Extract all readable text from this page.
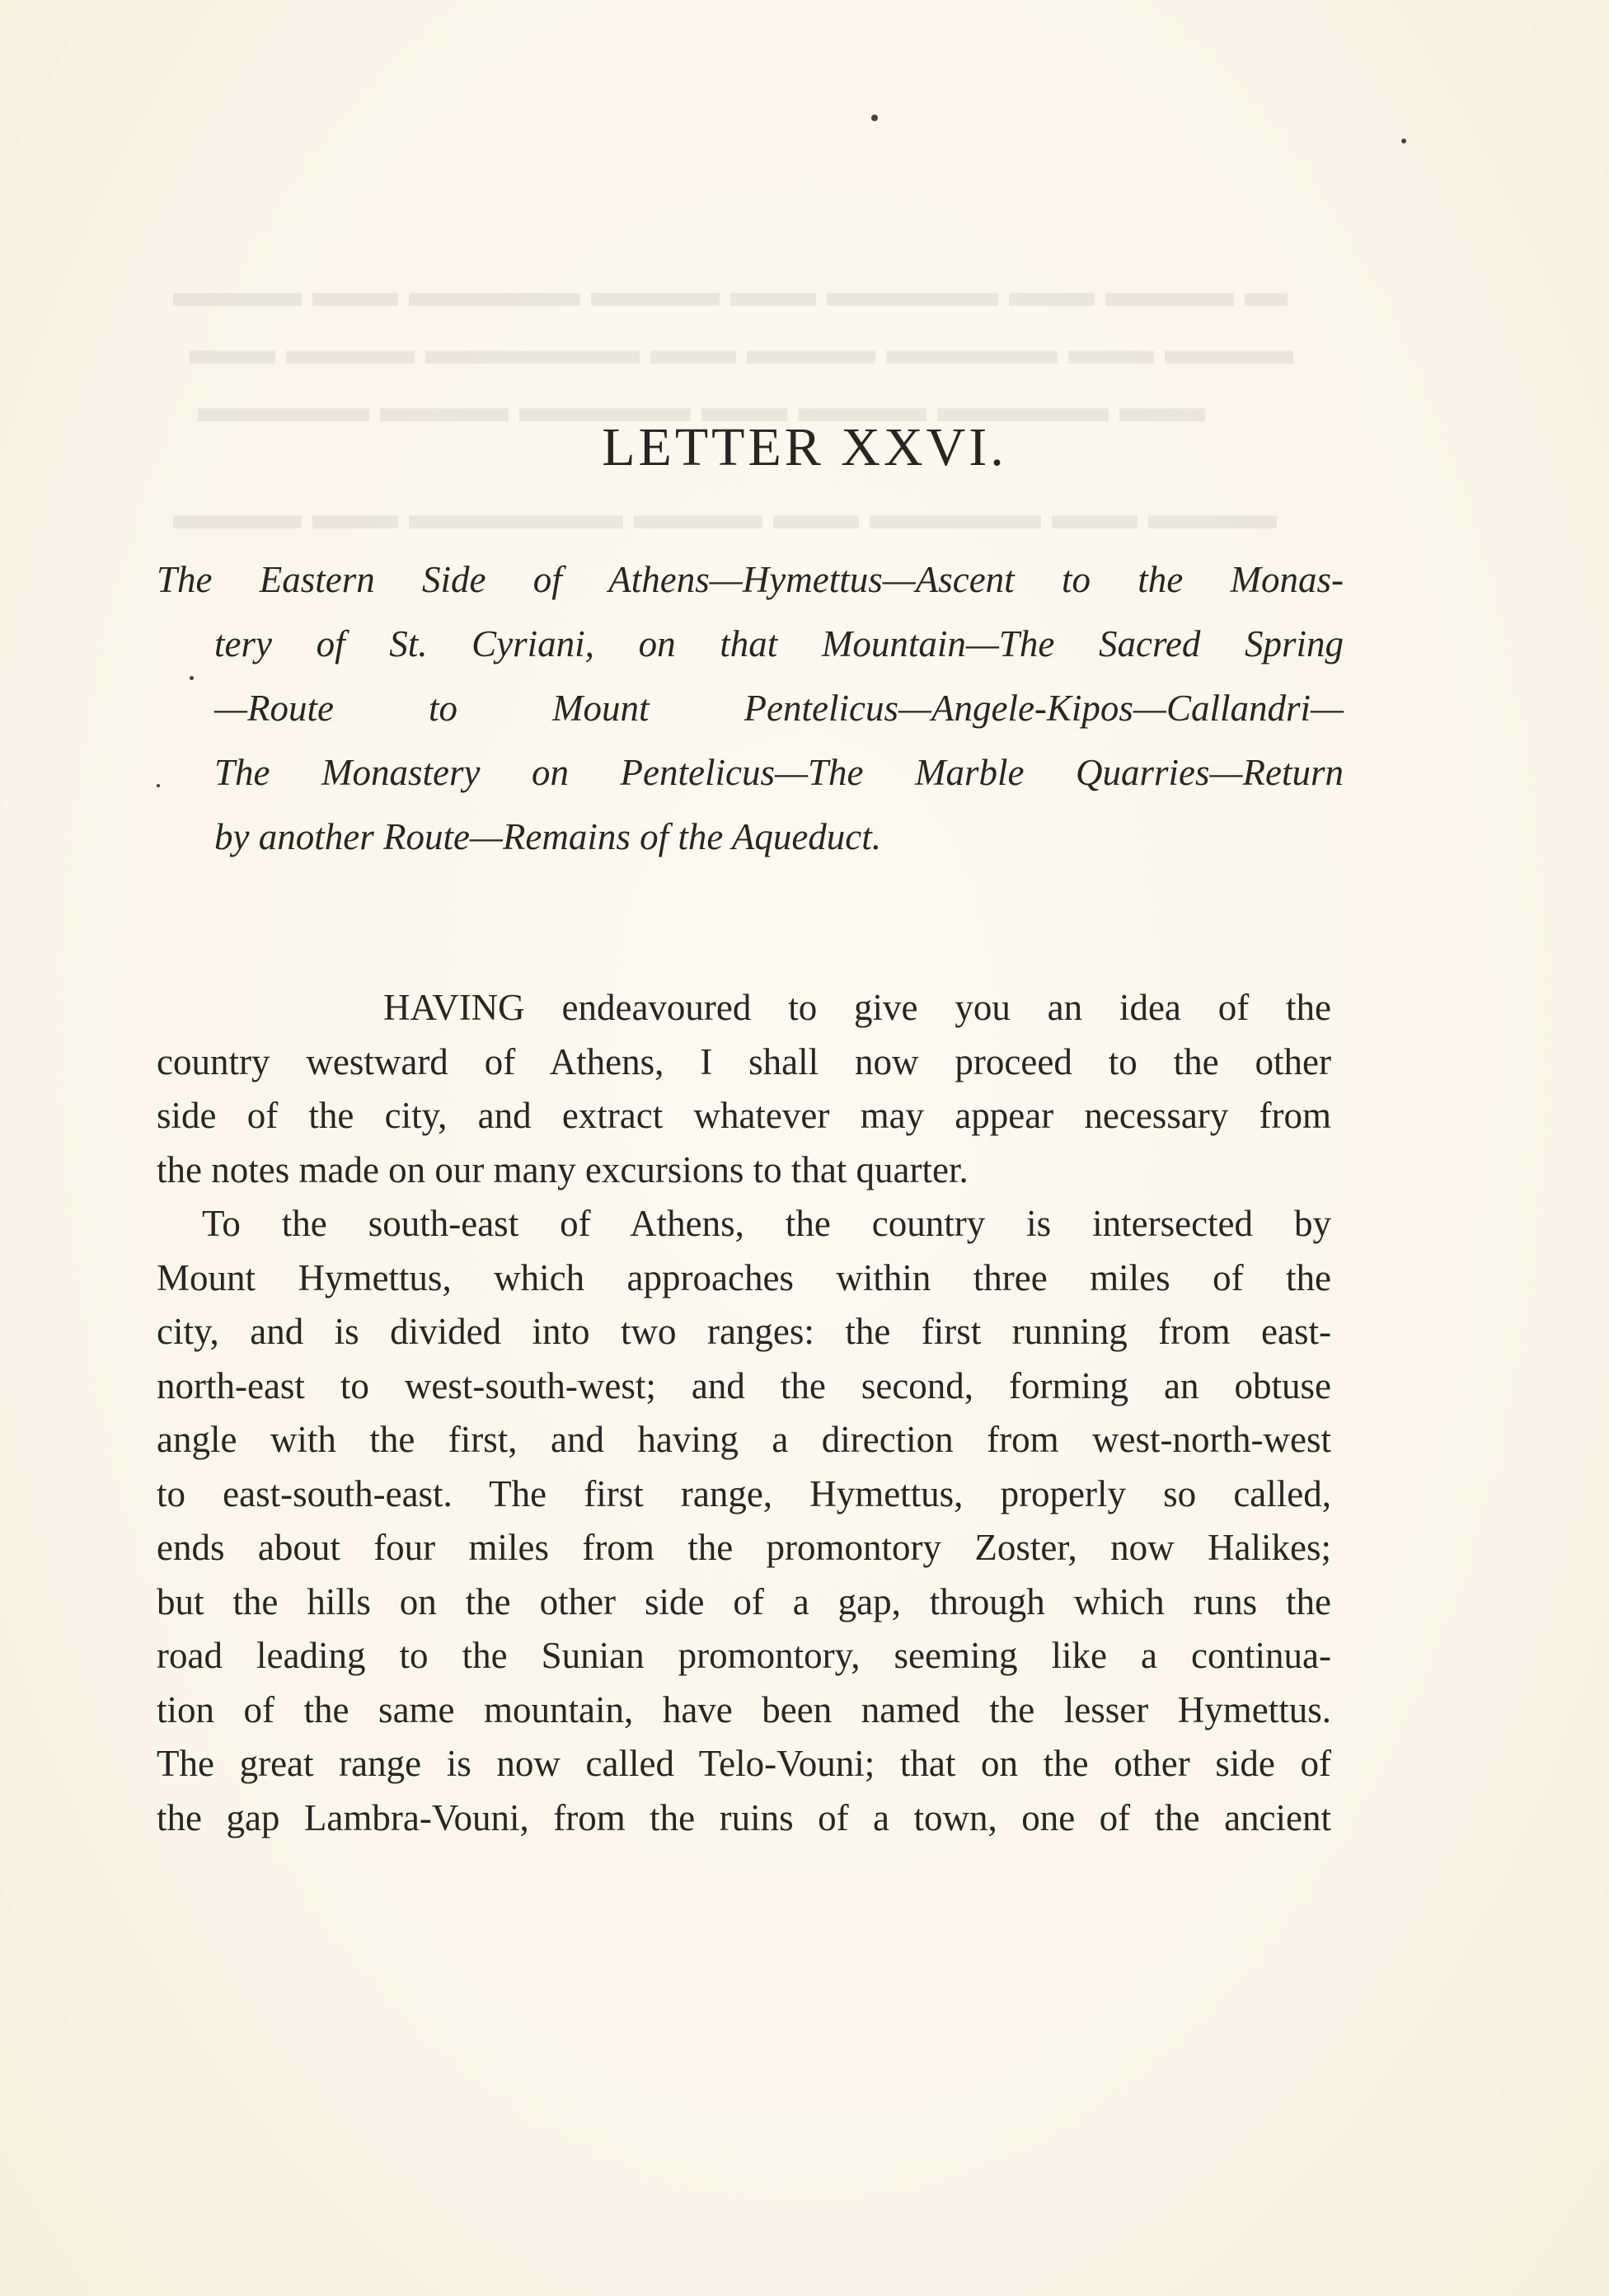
▬ ▬▬▬ ▬▬ ▬▬▬▬ ▬▬ ▬▬▬ ▬▬▬▬ ▬▬ ▬▬▬
▬▬▬ ▬▬ ▬▬▬▬ ▬▬▬ ▬▬ ▬▬▬▬▬ ▬▬▬ ▬▬
▬▬ ▬▬▬▬ ▬▬▬ ▬▬ ▬▬▬▬ ▬▬▬ ▬▬▬▬
▬▬▬ ▬▬ ▬▬▬▬ ▬▬ ▬▬▬ ▬▬▬▬▬ ▬▬ ▬▬▬
LETTER XXVI.
The Eastern Side of Athens—Hymettus—Ascent to the Monas-
tery of St. Cyriani, on that Mountain—The Sacred Spring
—Route to Mount Pentelicus—Angele-Kipos—Callandri—
The Monastery on Pentelicus—The Marble Quarries—Return
by another Route—Remains of the Aqueduct.
HAVING endeavoured to give you an idea of the
country westward of Athens, I shall now proceed to the other
side of the city, and extract whatever may appear necessary from
the notes made on our many excursions to that quarter.
To the south-east of Athens, the country is intersected by
Mount Hymettus, which approaches within three miles of the
city, and is divided into two ranges: the first running from east-
north-east to west-south-west; and the second, forming an obtuse
angle with the first, and having a direction from west-north-west
to east-south-east. The first range, Hymettus, properly so called,
ends about four miles from the promontory Zoster, now Halikes;
but the hills on the other side of a gap, through which runs the
road leading to the Sunian promontory, seeming like a continua-
tion of the same mountain, have been named the lesser Hymettus.
The great range is now called Telo-Vouni; that on the other side of
the gap Lambra-Vouni, from the ruins of a town, one of the ancient
